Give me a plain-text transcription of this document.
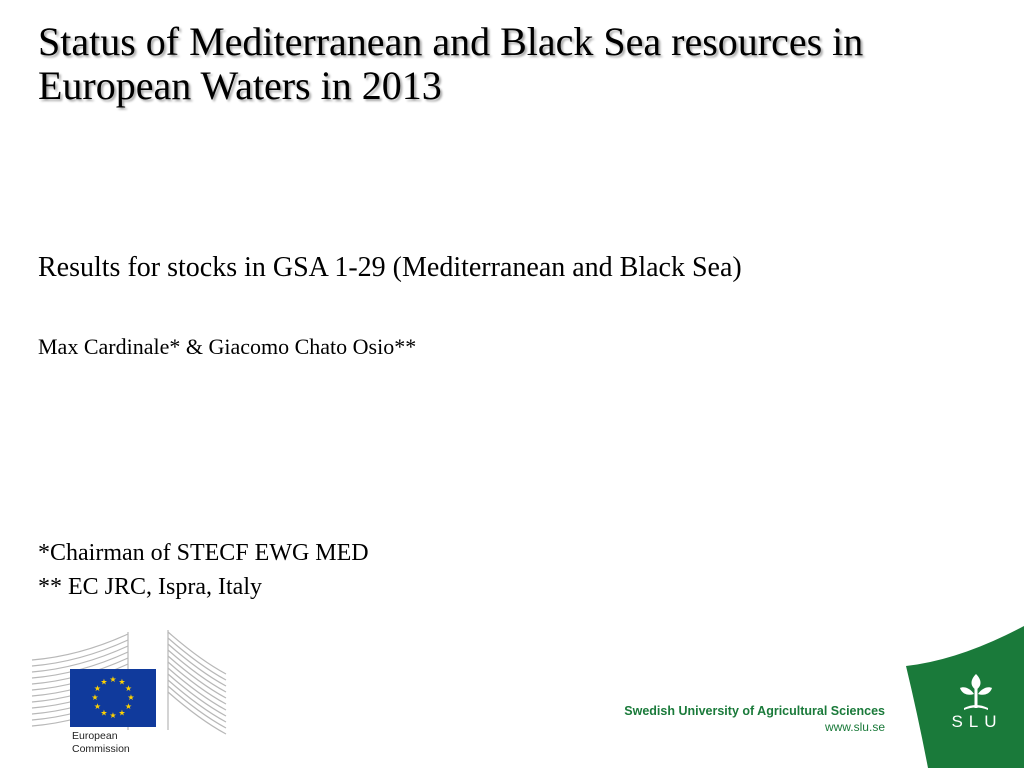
Status of Mediterranean and Black Sea resources in European Waters in 2013
Results for stocks in GSA 1-29 (Mediterranean and Black Sea)
Max Cardinale* & Giacomo Chato Osio**
*Chairman of STECF EWG MED
** EC JRC, Ispra, Italy
★ ★
★
★
★
★
★
★
★
★
★
★
European
Commission
Swedish University of Agricultural Sciences
www.slu.se	SLU
